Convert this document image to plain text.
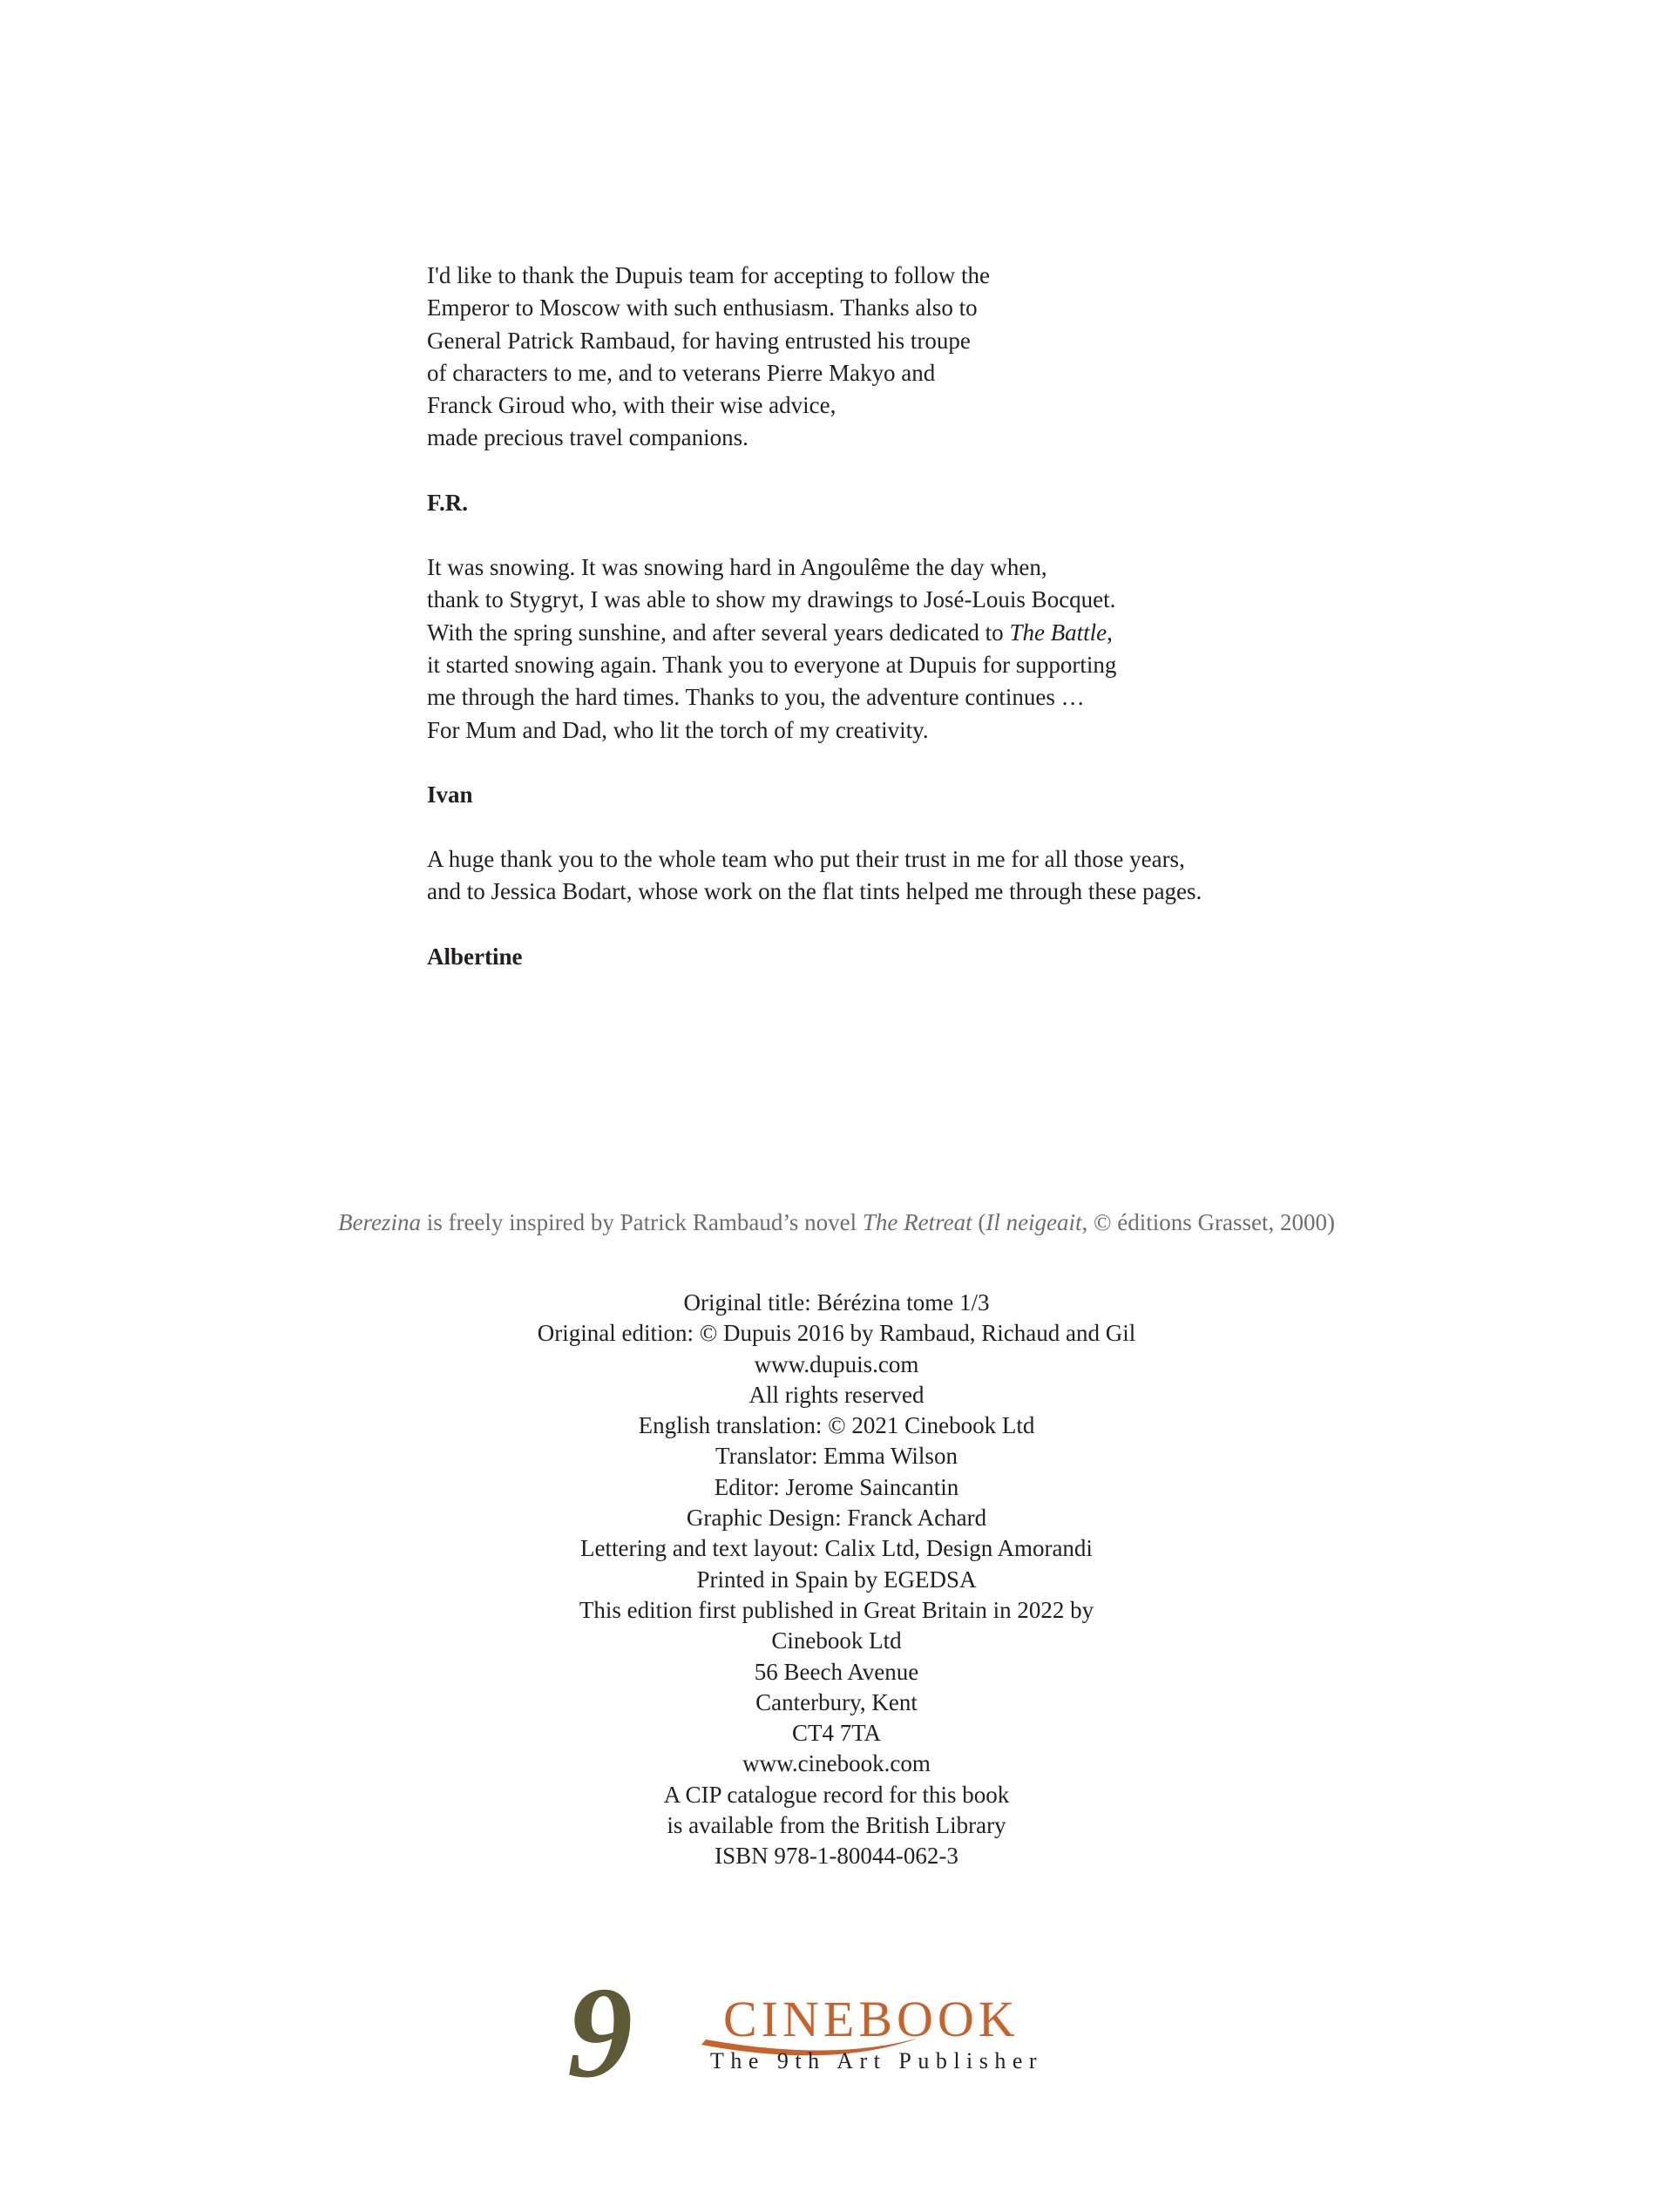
I'd like to thank the Dupuis team for accepting to follow the
Emperor to Moscow with such enthusiasm. Thanks also to
General Patrick Rambaud, for having entrusted his troupe
of characters to me, and to veterans Pierre Makyo and
Franck Giroud who, with their wise advice,
made precious travel companions.

F.R.

It was snowing. It was snowing hard in Angoulême the day when,
thank to Stygryt, I was able to show my drawings to José-Louis Bocquet.
With the spring sunshine, and after several years dedicated to The Battle,
it started snowing again. Thank you to everyone at Dupuis for supporting
me through the hard times. Thanks to you, the adventure continues …
For Mum and Dad, who lit the torch of my creativity.

Ivan

A huge thank you to the whole team who put their trust in me for all those years,
and to Jessica Bodart, whose work on the flat tints helped me through these pages.

Albertine

Berezina is freely inspired by Patrick Rambaud’s novel The Retreat (Il neigeait, © éditions Grasset, 2000)
Original title: Bérézina tome 1/3
Original edition: © Dupuis 2016 by Rambaud, Richaud and Gil
www.dupuis.com
All rights reserved
English translation: © 2021 Cinebook Ltd
Translator: Emma Wilson
Editor: Jerome Saincantin
Graphic Design: Franck Achard
Lettering and text layout: Calix Ltd, Design Amorandi
Printed in Spain by EGEDSA
This edition first published in Great Britain in 2022 by
Cinebook Ltd
56 Beech Avenue
Canterbury, Kent
CT4 7TA
www.cinebook.com
A CIP catalogue record for this book
is available from the British Library
ISBN 978-1-80044-062-3
9 th CINEBOOK
The 9th Art Publisher
